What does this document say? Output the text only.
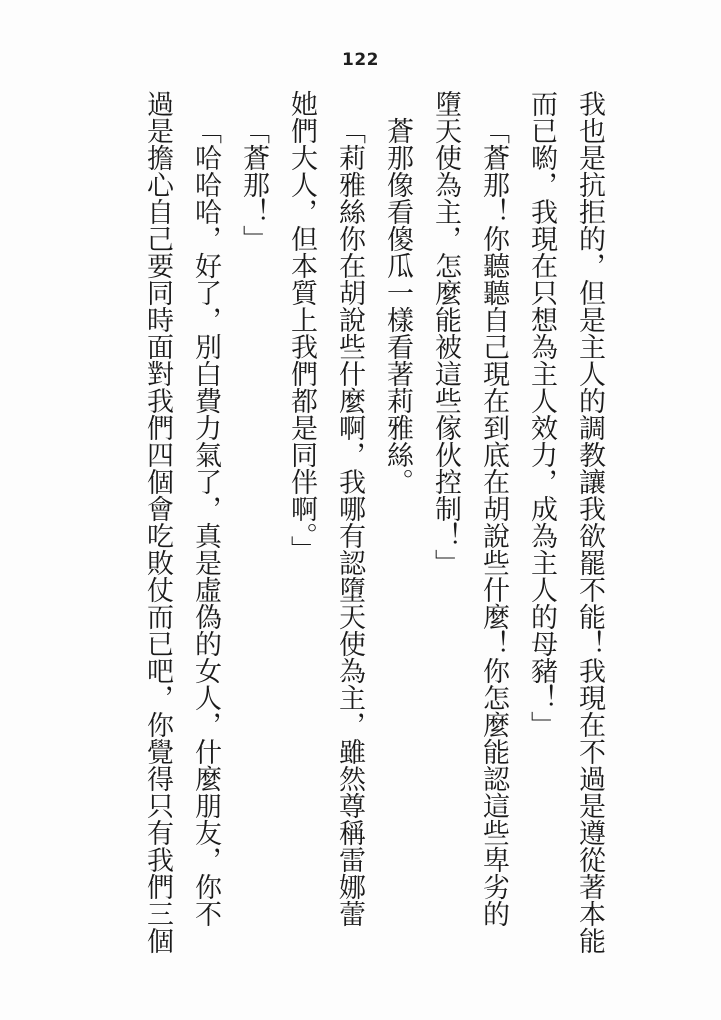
122
我也是抗拒的，但是主人的調教讓我欲罷不能！我現在不過是遵從著本能
而已喲，我現在只想為主人效力，成為主人的母豬！」
「蒼那！你聽聽自己現在到底在胡說些什麼！你怎麼能認這些卑劣的
墮天使為主，怎麼能被這些傢伙控制！」
蒼那像看傻瓜一樣看著莉雅絲。
「莉雅絲你在胡說些什麼啊，我哪有認墮天使為主，雖然尊稱雷娜蕾
她們大人，但本質上我們都是同伴啊。」
「蒼那！」
「哈哈哈，好了，別白費力氣了，真是虛偽的女人，什麼朋友，你不
過是擔心自己要同時面對我們四個會吃敗仗而已吧，你覺得只有我們三個
